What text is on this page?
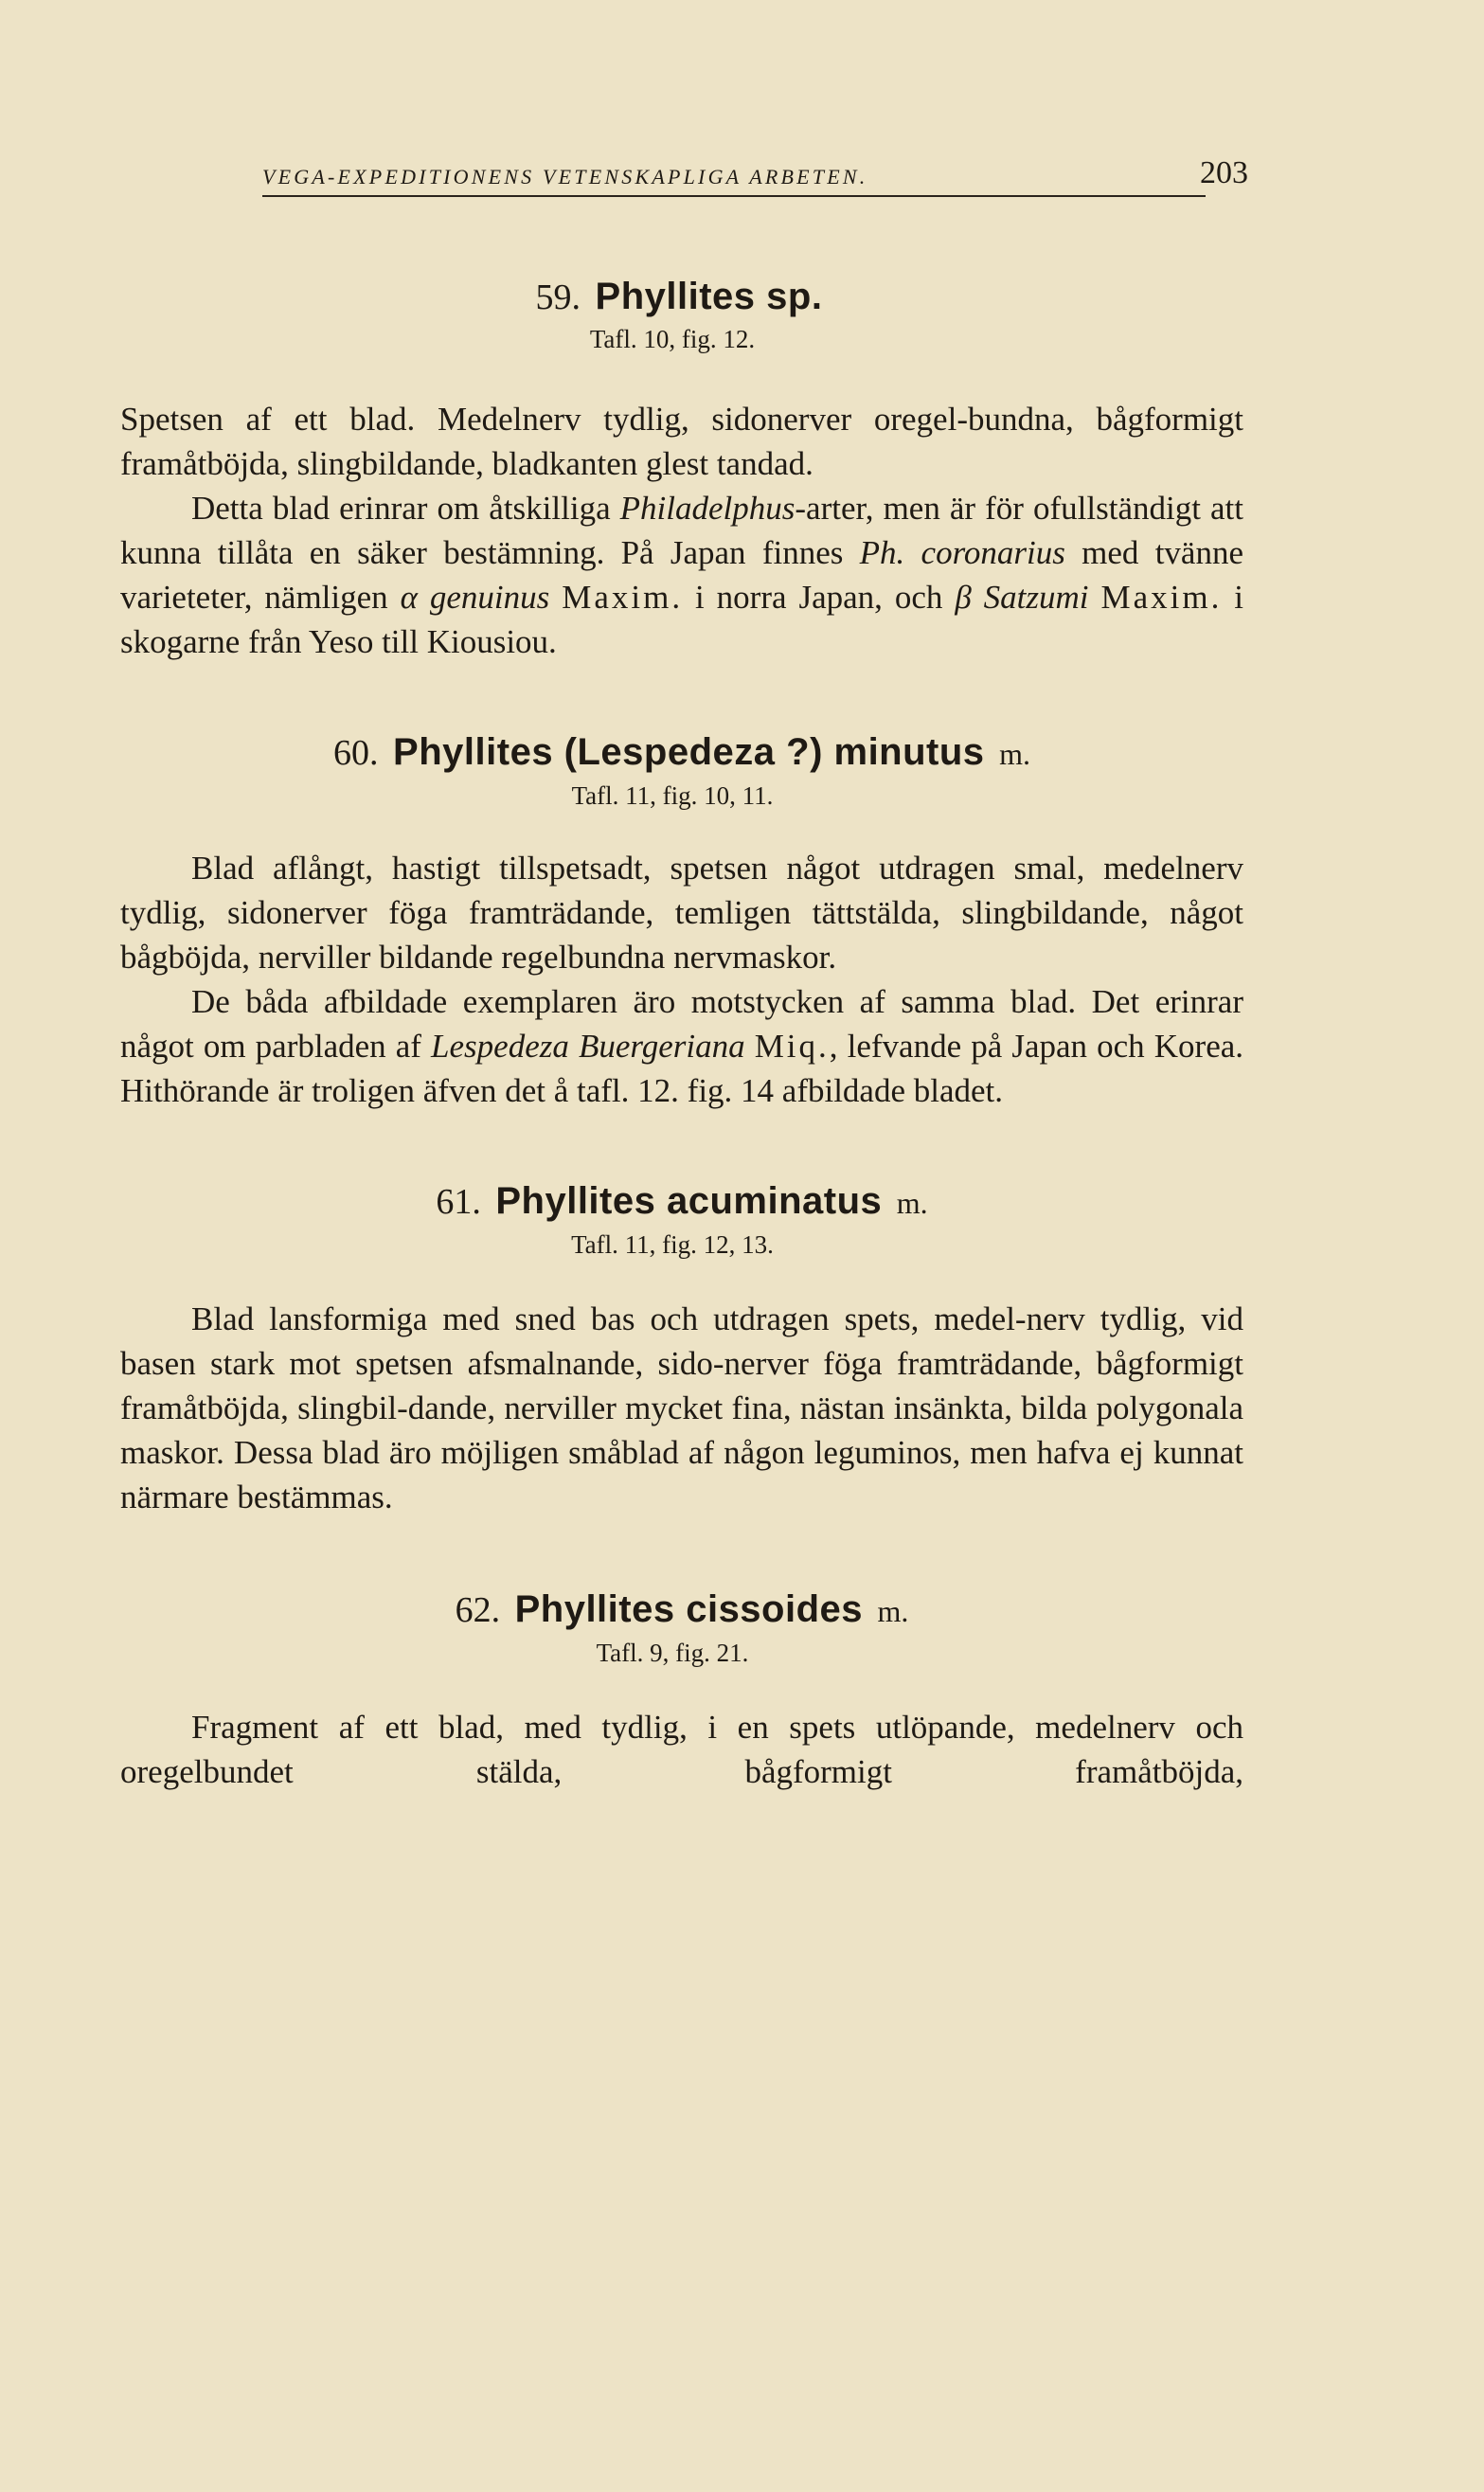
VEGA-EXPEDITIONENS VETENSKAPLIGA ARBETEN.	203
59. Phyllites sp.
Tafl. 10, fig. 12.

Spetsen af ett blad. Medelnerv tydlig, sidonerver oregel-bundna, bågformigt framåtböjda, slingbildande, bladkanten glest tandad.

Detta blad erinrar om åtskilliga Philadelphus-arter, men är för ofullständigt att kunna tillåta en säker bestämning. På Japan finnes Ph. coronarius med tvänne varieteter, nämligen α genuinus Maxim. i norra Japan, och β Satzumi Maxim. i skogarne från Yeso till Kiousiou.

60. Phyllites (Lespedeza ?) minutus m.
Tafl. 11, fig. 10, 11.

Blad aflångt, hastigt tillspetsadt, spetsen något utdragen smal, medelnerv tydlig, sidonerver föga framträdande, temligen tättstälda, slingbildande, något bågböjda, nerviller bildande regelbundna nervmaskor.

De båda afbildade exemplaren äro motstycken af samma blad. Det erinrar något om parbladen af Lespedeza Buergeriana Miq., lefvande på Japan och Korea. Hithörande är troligen äfven det å tafl. 12. fig. 14 afbildade bladet.

61. Phyllites acuminatus m.
Tafl. 11, fig. 12, 13.

Blad lansformiga med sned bas och utdragen spets, medel-nerv tydlig, vid basen stark mot spetsen afsmalnande, sido-nerver föga framträdande, bågformigt framåtböjda, slingbil-dande, nerviller mycket fina, nästan insänkta, bilda polygonala maskor. Dessa blad äro möjligen småblad af någon leguminos, men hafva ej kunnat närmare bestämmas.

62. Phyllites cissoides m.
Tafl. 9, fig. 21.

Fragment af ett blad, med tydlig, i en spets utlöpande, medelnerv och oregelbundet stälda, bågformigt framåtböjda,
